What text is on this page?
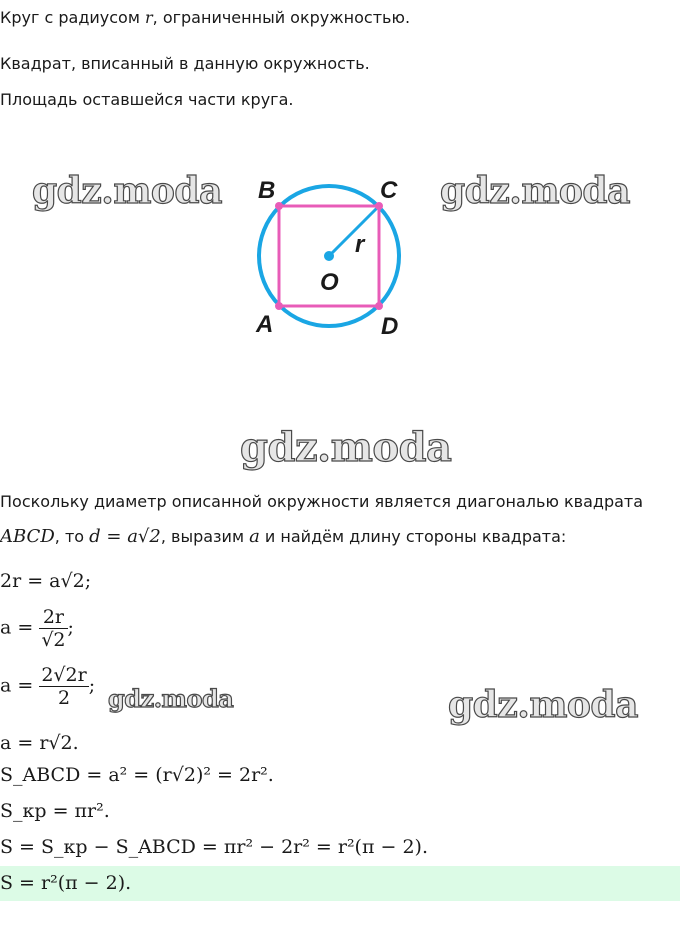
Круг с радиусом r, ограниченный окружностью.
Квадрат, вписанный в данную окружность.
Площадь оставшейся части круга.
gdz.moda	gdz.moda
B	C
r
O
A	D
gdz.moda
Поскольку диаметр описанной окружности является диагональю квадрата
ABCD, то d = a√2, выразим a и найдём длину стороны квадрата:
2r = a√2;
$a = \frac{2r}{√2}$ ;
$a = \frac{2√2r}{2}$ ; gdz.moda	gdz.moda
a = r√2.
S_ABCD = a² = (r√2)² = 2r².
S_кр = πr².
S = S_кр − S_ABCD = πr² − 2r² = r²(π − 2).
S = r²(π − 2).
